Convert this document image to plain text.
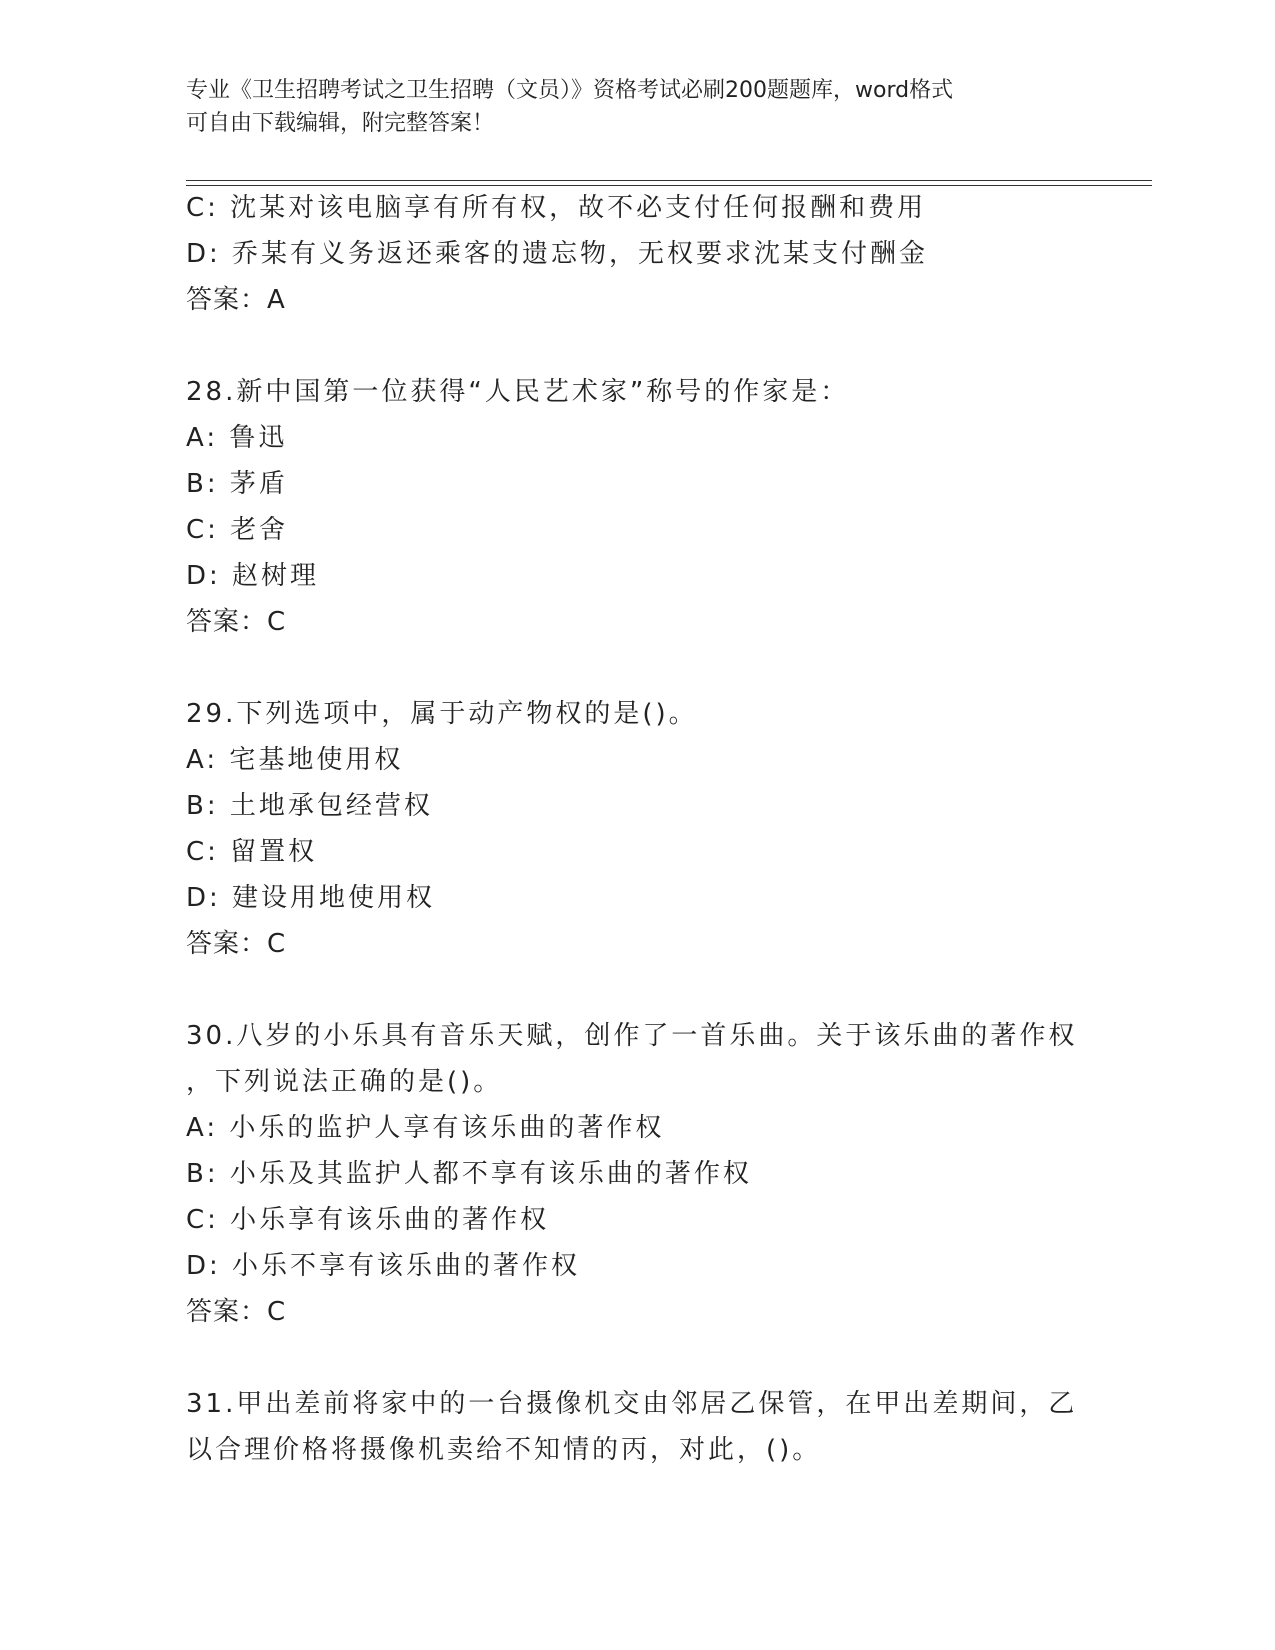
专业《卫生招聘考试之卫生招聘（文员）》资格考试必刷200题题库，word格式
可自由下载编辑，附完整答案！
C: 沈某对该电脑享有所有权，故不必支付任何报酬和费用
D: 乔某有义务返还乘客的遗忘物，无权要求沈某支付酬金
答案：A
28.新中国第一位获得“人民艺术家”称号的作家是：
A: 鲁迅
B: 茅盾
C: 老舍
D: 赵树理
答案：C
29.下列选项中，属于动产物权的是()。
A: 宅基地使用权
B: 土地承包经营权
C: 留置权
D: 建设用地使用权
答案：C
30.八岁的小乐具有音乐天赋，创作了一首乐曲。关于该乐曲的著作权
，下列说法正确的是()。
A: 小乐的监护人享有该乐曲的著作权
B: 小乐及其监护人都不享有该乐曲的著作权
C: 小乐享有该乐曲的著作权
D: 小乐不享有该乐曲的著作权
答案：C
31.甲出差前将家中的一台摄像机交由邻居乙保管，在甲出差期间，乙
以合理价格将摄像机卖给不知情的丙，对此，()。
